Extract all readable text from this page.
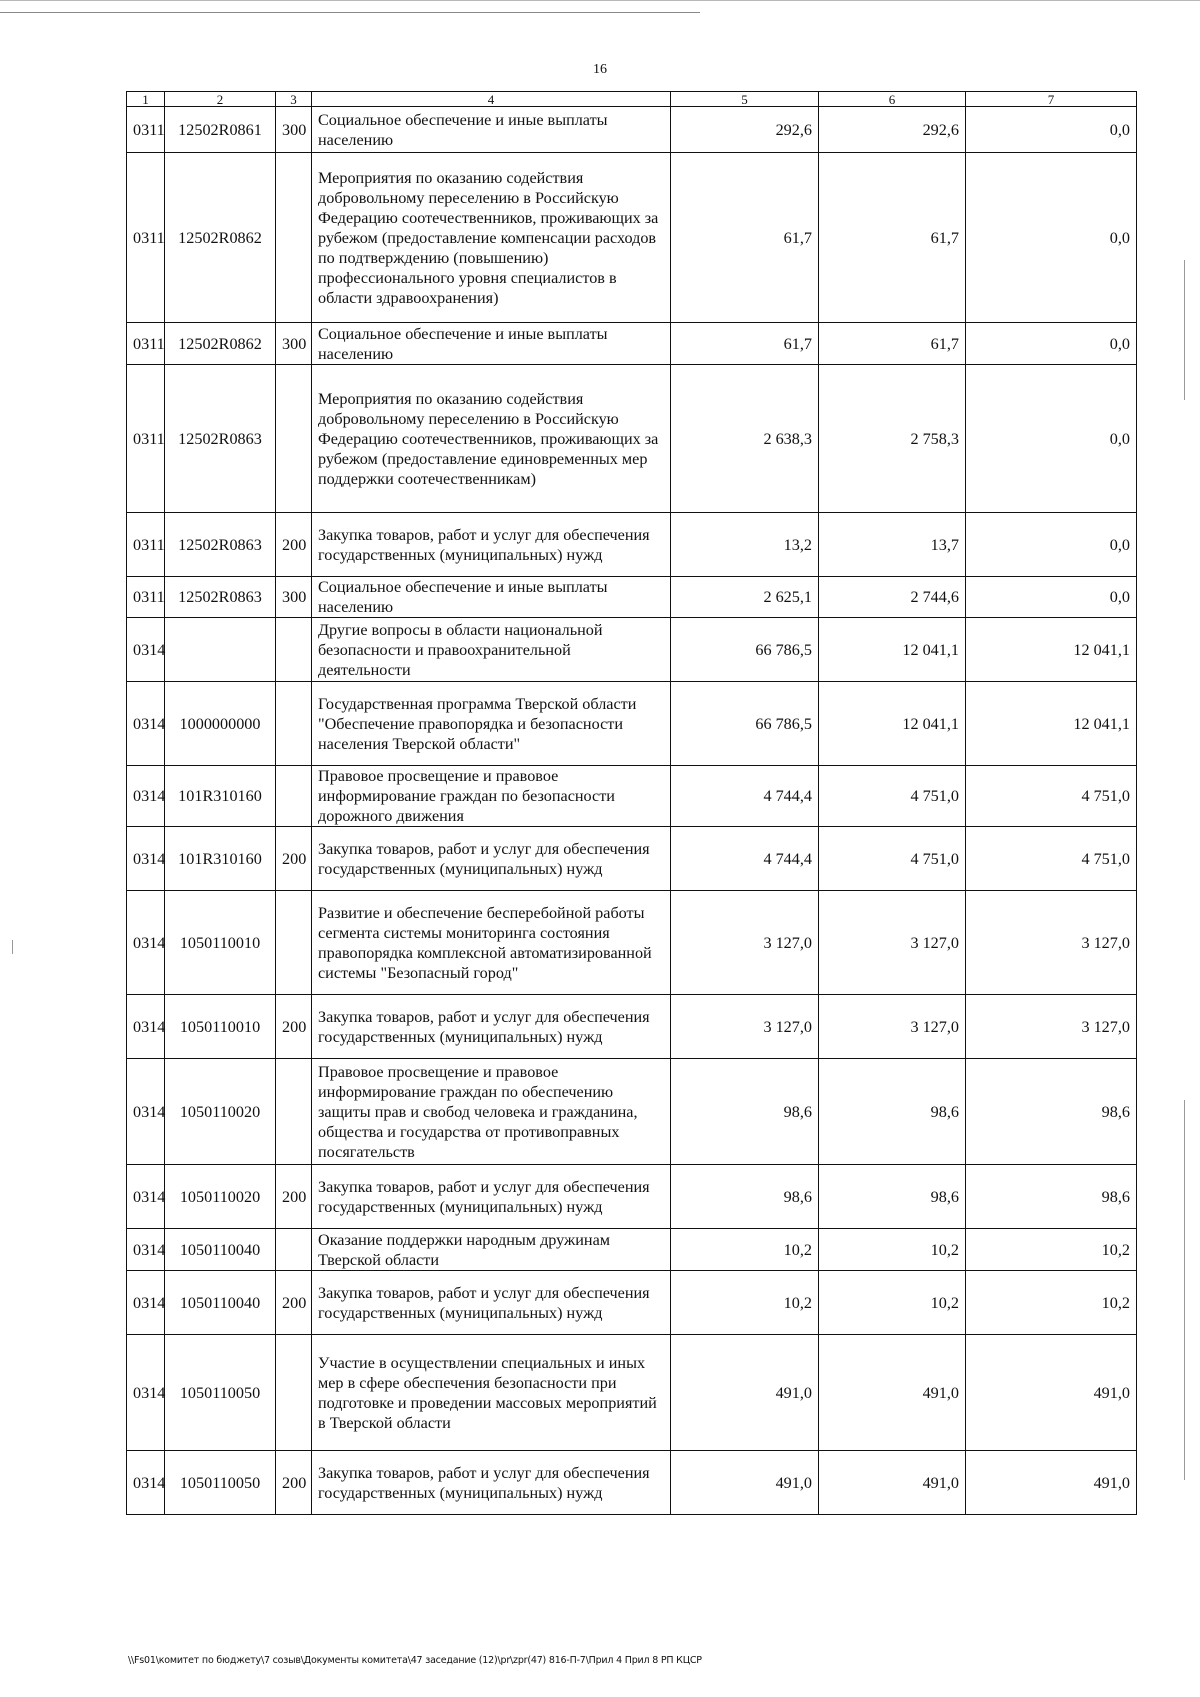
16
1	2	3	4	5	6	7
0311	12502R0861	300	Социальное обеспечение и иные выплаты населению	292,6	292,6	0,0
0311	12502R0862		Мероприятия по оказанию содействия добровольному переселению в Российскую Федерацию соотечественников, проживающих за рубежом (предоставление компенсации расходов по подтверждению (повышению) профессионального уровня специалистов в области здравоохранения)	61,7	61,7	0,0
0311	12502R0862	300	Социальное обеспечение и иные выплаты населению	61,7	61,7	0,0
0311	12502R0863		Мероприятия по оказанию содействия добровольному переселению в Российскую Федерацию соотечественников, проживающих за рубежом (предоставление единовременных мер поддержки соотечественникам)	2 638,3	2 758,3	0,0
0311	12502R0863	200	Закупка товаров, работ и услуг для обеспечения государственных (муниципальных) нужд	13,2	13,7	0,0
0311	12502R0863	300	Социальное обеспечение и иные выплаты населению	2 625,1	2 744,6	0,0
0314			Другие вопросы в области национальной безопасности и правоохранительной деятельности	66 786,5	12 041,1	12 041,1
0314	1000000000		Государственная программа Тверской области "Обеспечение правопорядка и безопасности населения Тверской области"	66 786,5	12 041,1	12 041,1
0314	101R310160		Правовое просвещение и правовое информирование граждан по безопасности дорожного движения	4 744,4	4 751,0	4 751,0
0314	101R310160	200	Закупка товаров, работ и услуг для обеспечения государственных (муниципальных) нужд	4 744,4	4 751,0	4 751,0
0314	1050110010		Развитие и обеспечение бесперебойной работы сегмента системы мониторинга состояния правопорядка комплексной автоматизированной системы "Безопасный город"	3 127,0	3 127,0	3 127,0
0314	1050110010	200	Закупка товаров, работ и услуг для обеспечения государственных (муниципальных) нужд	3 127,0	3 127,0	3 127,0
0314	1050110020		Правовое просвещение и правовое информирование граждан по обеспечению защиты прав и свобод человека и гражданина, общества и государства от противоправных посягательств	98,6	98,6	98,6
0314	1050110020	200	Закупка товаров, работ и услуг для обеспечения государственных (муниципальных) нужд	98,6	98,6	98,6
0314	1050110040		Оказание поддержки народным дружинам Тверской области	10,2	10,2	10,2
0314	1050110040	200	Закупка товаров, работ и услуг для обеспечения государственных (муниципальных) нужд	10,2	10,2	10,2
0314	1050110050		Участие в осуществлении специальных и иных мер в сфере обеспечения безопасности при подготовке и проведении массовых мероприятий в Тверской области	491,0	491,0	491,0
0314	1050110050	200	Закупка товаров, работ и услуг для обеспечения государственных (муниципальных) нужд	491,0	491,0	491,0
\\Fs01\комитет по бюджету\7 созыв\Документы комитета\47 заседание (12)\pr\zpr(47) 816-П-7\Прил 4 Прил 8 РП КЦСР
